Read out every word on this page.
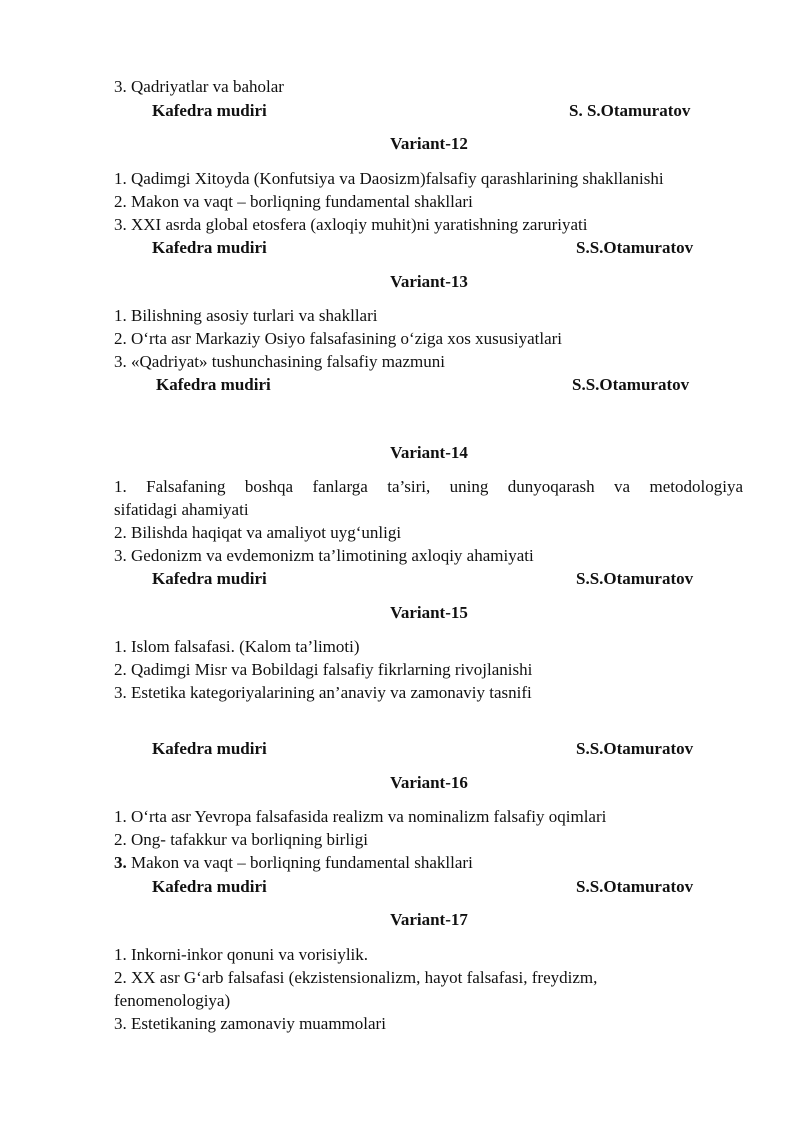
3. Qadriyatlar va baholar
Kafedra mudiri	S. S.Otamuratov
Variant-12
1. Qadimgi Xitoyda (Konfutsiya va Daosizm)falsafiy qarashlarining shakllanishi
2. Makon va vaqt – borliqning fundamental shakllari
3. XXI asrda global etosfera (axloqiy muhit)ni yaratishning zaruriyati
Kafedra mudiri	S.S.Otamuratov
Variant-13
1. Bilishning asosiy turlari va shakllari
2. O‘rta asr Markaziy Osiyo falsafasining o‘ziga xos xususiyatlari
3. «Qadriyat» tushunchasining falsafiy mazmuni
Kafedra mudiri	S.S.Otamuratov
Variant-14
1. Falsafaning boshqa fanlarga ta’siri, uning dunyoqarash va metodologiya
sifatidagi ahamiyati
2. Bilishda haqiqat va amaliyot uyg‘unligi
3. Gedonizm va evdemonizm ta’limotining axloqiy ahamiyati
Kafedra mudiri	S.S.Otamuratov
Variant-15
1. Islom falsafasi. (Kalom ta’limoti)
2. Qadimgi Misr va Bobildagi falsafiy fikrlarning rivojlanishi
3. Estetika kategoriyalarining an’anaviy va zamonaviy tasnifi
Kafedra mudiri	S.S.Otamuratov
Variant-16
1. O‘rta asr Yevropa falsafasida realizm va nominalizm falsafiy oqimlari
2. Ong- tafakkur va borliqning birligi
3. Makon va vaqt – borliqning fundamental shakllari
Kafedra mudiri	S.S.Otamuratov
Variant-17
1. Inkorni-inkor qonuni va vorisiylik.
2. XX asr G‘arb falsafasi (ekzistensionalizm, hayot falsafasi, freydizm,
fenomenologiya)
3. Estetikaning zamonaviy muammolari
